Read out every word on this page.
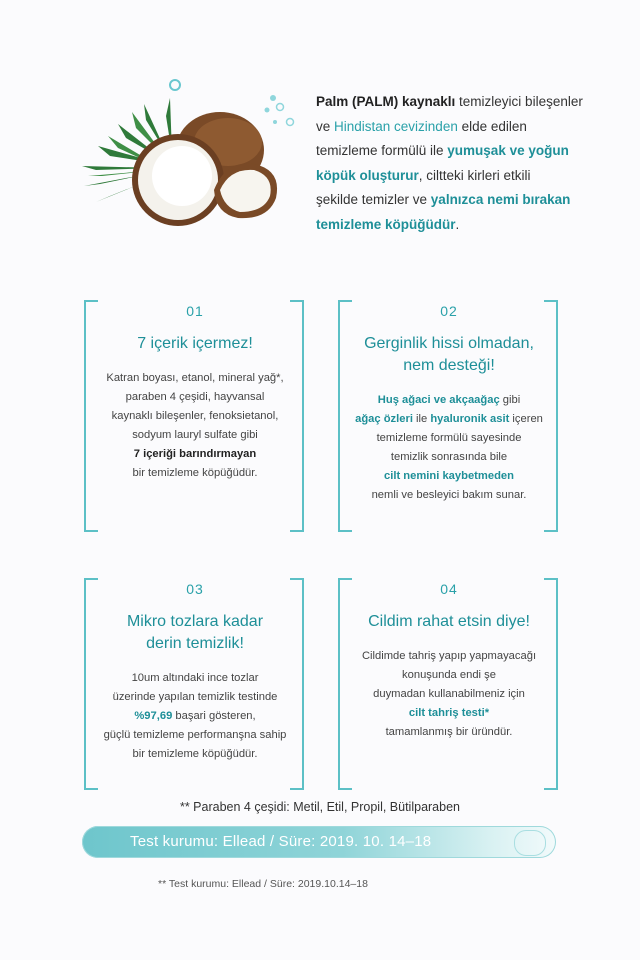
Palm (PALM) kaynaklı temizleyici bileşenler
ve Hindistan cevizinden elde edilen
temizleme formülü ile yumuşak ve yoğun
köpük oluşturur, ciltteki kirleri etkili
şekilde temizler ve yalnızca nemi bırakan
temizleme köpüğüdür.
01
7 içerik içermez!
Katran boyası, etanol, mineral yağ*,
paraben 4 çeşidi, hayvansal
kaynaklı bileşenler, fenoksietanol,
sodyum lauryl sulfate gibi
7 içeriği barındırmayan
bir temizleme köpüğüdür.
02
Gerginlik hissi olmadan,
nem desteği!
Huş ağaci ve akçaağaç gibi
ağaç özleri ile hyaluronik asit içeren
temizleme formülü sayesinde
temizlik sonrasında bile
cilt nemini kaybetmeden
nemli ve besleyici bakım sunar.
03
Mikro tozlara kadar
derin temizlik!
10um altındaki ince tozlar
üzerinde yapılan temizlik testinde
%97,69 başari gösteren,
güçlü temizleme performanşna sahip
bir temizleme köpüğüdür.
04
Cildim rahat etsin diye!
Cildimde tahriş yapıp yapmayacağı
konuşunda endi şe
duymadan kullanabilmeniz için
cilt tahriş testi*
tamamlanmış bir üründür.
** Paraben 4 çeşidi: Metil, Etil, Propil, Bütilparaben
Test kurumu: Ellead / Süre: 2019. 10. 14–18
** Test kurumu: Ellead / Süre: 2019.10.14–18
